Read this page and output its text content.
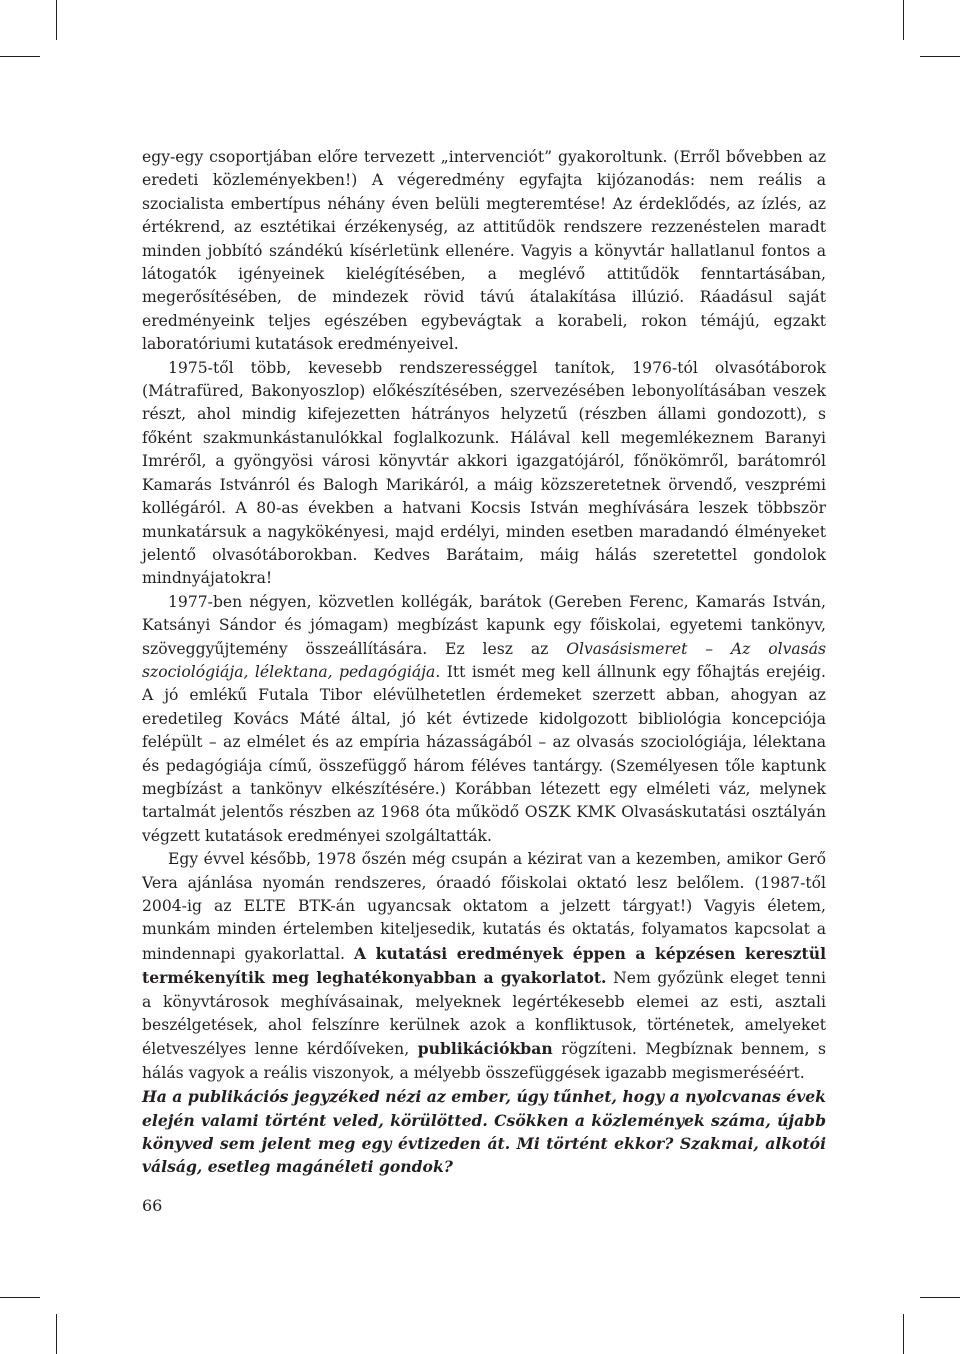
egy-egy csoportjában előre tervezett „intervenciót” gyakoroltunk. (Erről bővebben az eredeti közleményekben!) A végeredmény egyfajta kijózanodás: nem reális a szocialista embertípus néhány éven belüli megteremtése! Az érdeklődés, az ízlés, az értékrend, az esztétikai érzékenység, az attitűdök rendszere rezzenéstelen maradt minden jobbító szándékú kísérletünk ellenére. Vagyis a könyvtár hallatlanul fontos a látogatók igényeinek kielégítésében, a meglévő attitűdök fenntartásában, megerősítésében, de mindezek rövid távú átalakítása illúzió. Ráadásul saját eredményeink teljes egészében egybevágtak a korabeli, rokon témájú, egzakt laboratóriumi kutatások eredményeivel.

1975-től több, kevesebb rendszerességgel tanítok, 1976-tól olvasótáborok (Mátrafüred, Bakonyoszlop) előkészítésében, szervezésében lebonyolításában veszek részt, ahol mindig kifejezetten hátrányos helyzetű (részben állami gondozott), s főként szakmunkástanulókkal foglalkozunk. Hálával kell megemlékeznem Baranyi Imréről, a gyöngyösi városi könyvtár akkori igazgatójáról, főnökömről, barátomról Kamarás Istvánról és Balogh Marikáról, a máig közszeretetnek örvendő, veszprémi kollégáról. A 80-as években a hatvani Kocsis István meghívására leszek többször munkatársuk a nagykökényesi, majd erdélyi, minden esetben maradandó élményeket jelentő olvasótáborokban. Kedves Barátaim, máig hálás szeretettel gondolok mindnyájatokra!

1977-ben négyen, közvetlen kollégák, barátok (Gereben Ferenc, Kamarás István, Katsányi Sándor és jómagam) megbízást kapunk egy főiskolai, egyetemi tankönyv, szöveggyűjtemény összeállítására. Ez lesz az Olvasásismeret – Az olvasás szociológiája, lélektana, pedagógiája. Itt ismét meg kell állnunk egy főhajtás erejéig. A jó emlékű Futala Tibor elévülhetetlen érdemeket szerzett abban, ahogyan az eredetileg Kovács Máté által, jó két évtizede kidolgozott bibliológia koncepciója felépült – az elmélet és az empíria házasságából – az olvasás szociológiája, lélektana és pedagógiája című, összefüggő három féléves tantárgy. (Személyesen tőle kaptunk megbízást a tankönyv elkészítésére.) Korábban létezett egy elméleti váz, melynek tartalmát jelentős részben az 1968 óta működő OSZK KMK Olvasáskutatási osztályán végzett kutatások eredményei szolgáltatták.

Egy évvel később, 1978 őszén még csupán a kézirat van a kezemben, amikor Gerő Vera ajánlása nyomán rendszeres, óraadó főiskolai oktató lesz belőlem. (1987-től 2004-ig az ELTE BTK-án ugyancsak oktatom a jelzett tárgyat!) Vagyis életem, munkám minden értelemben kiteljesedik, kutatás és oktatás, folyamatos kapcsolat a mindennapi gyakorlattal. A kutatási eredmények éppen a képzésen keresztül termékenyítik meg leghatékonyabban a gyakorlatot. Nem győzünk eleget tenni a könyvtárosok meghívásainak, melyeknek legértékesebb elemei az esti, asztali beszélgetések, ahol felszínre kerülnek azok a konfliktusok, történetek, amelyeket életveszélyes lenne kérdőíveken, publikációkban rögzíteni. Megbíznak bennem, s hálás vagyok a reális viszonyok, a mélyebb összefüggések igazabb megismeréséért.

Ha a publikációs jegyzéked nézi az ember, úgy tűnhet, hogy a nyolcvanas évek elején valami történt veled, körülötted. Csökken a közlemények száma, újabb könyved sem jelent meg egy évtizeden át. Mi történt ekkor? Szakmai, alkotói válság, esetleg magánéleti gondok?

66
